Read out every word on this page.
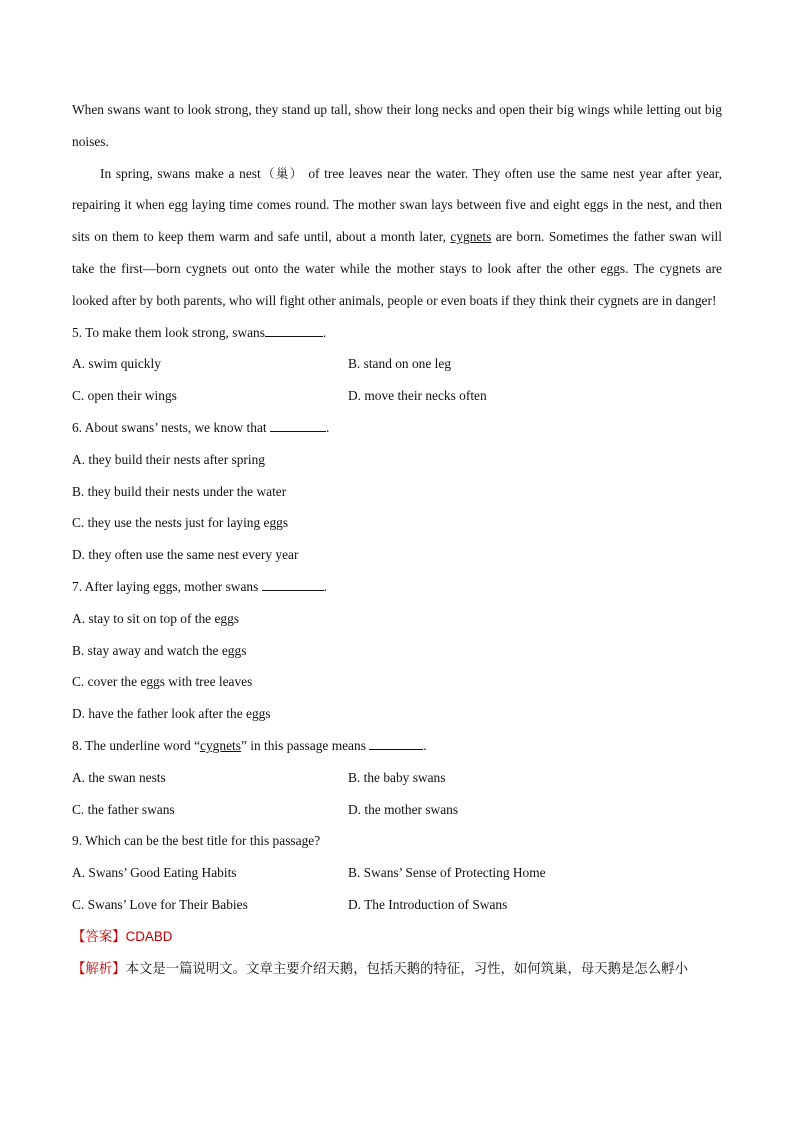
When swans want to look strong, they stand up tall, show their long necks and open their big wings while letting out big noises.

In spring, swans make a nest（巢） of tree leaves near the water. They often use the same nest year after year, repairing it when egg laying time comes round. The mother swan lays between five and eight eggs in the nest, and then sits on them to keep them warm and safe until, about a month later, cygnets are born. Sometimes the father swan will take the first—born cygnets out onto the water while the mother stays to look after the other eggs. The cygnets are looked after by both parents, who will fight other animals, people or even boats if they think their cygnets are in danger!

5. To make them look strong, swans	.
A. swim quickly	B. stand on one leg
C. open their wings	D. move their necks often
6. About swans’ nests, we know that	.
A. they build their nests after spring
B. they build their nests under the water
C. they use the nests just for laying eggs
D. they often use the same nest every year
7. After laying eggs, mother swans	.
A. stay to sit on top of the eggs
B. stay away and watch the eggs
C. cover the eggs with tree leaves
D. have the father look after the eggs
8. The underline word “cygnets” in this passage means	.
A. the swan nests	B. the baby swans
C. the father swans	D. the mother swans
9. Which can be the best title for this passage?
A. Swans’ Good Eating Habits	B. Swans’ Sense of Protecting Home
C. Swans’ Love for Their Babies	D. The Introduction of Swans
【答案】CDABD
【解析】本文是一篇说明文。文章主要介绍天鹅，包括天鹅的特征，习性，如何筑巢，母天鹅是怎么孵小
